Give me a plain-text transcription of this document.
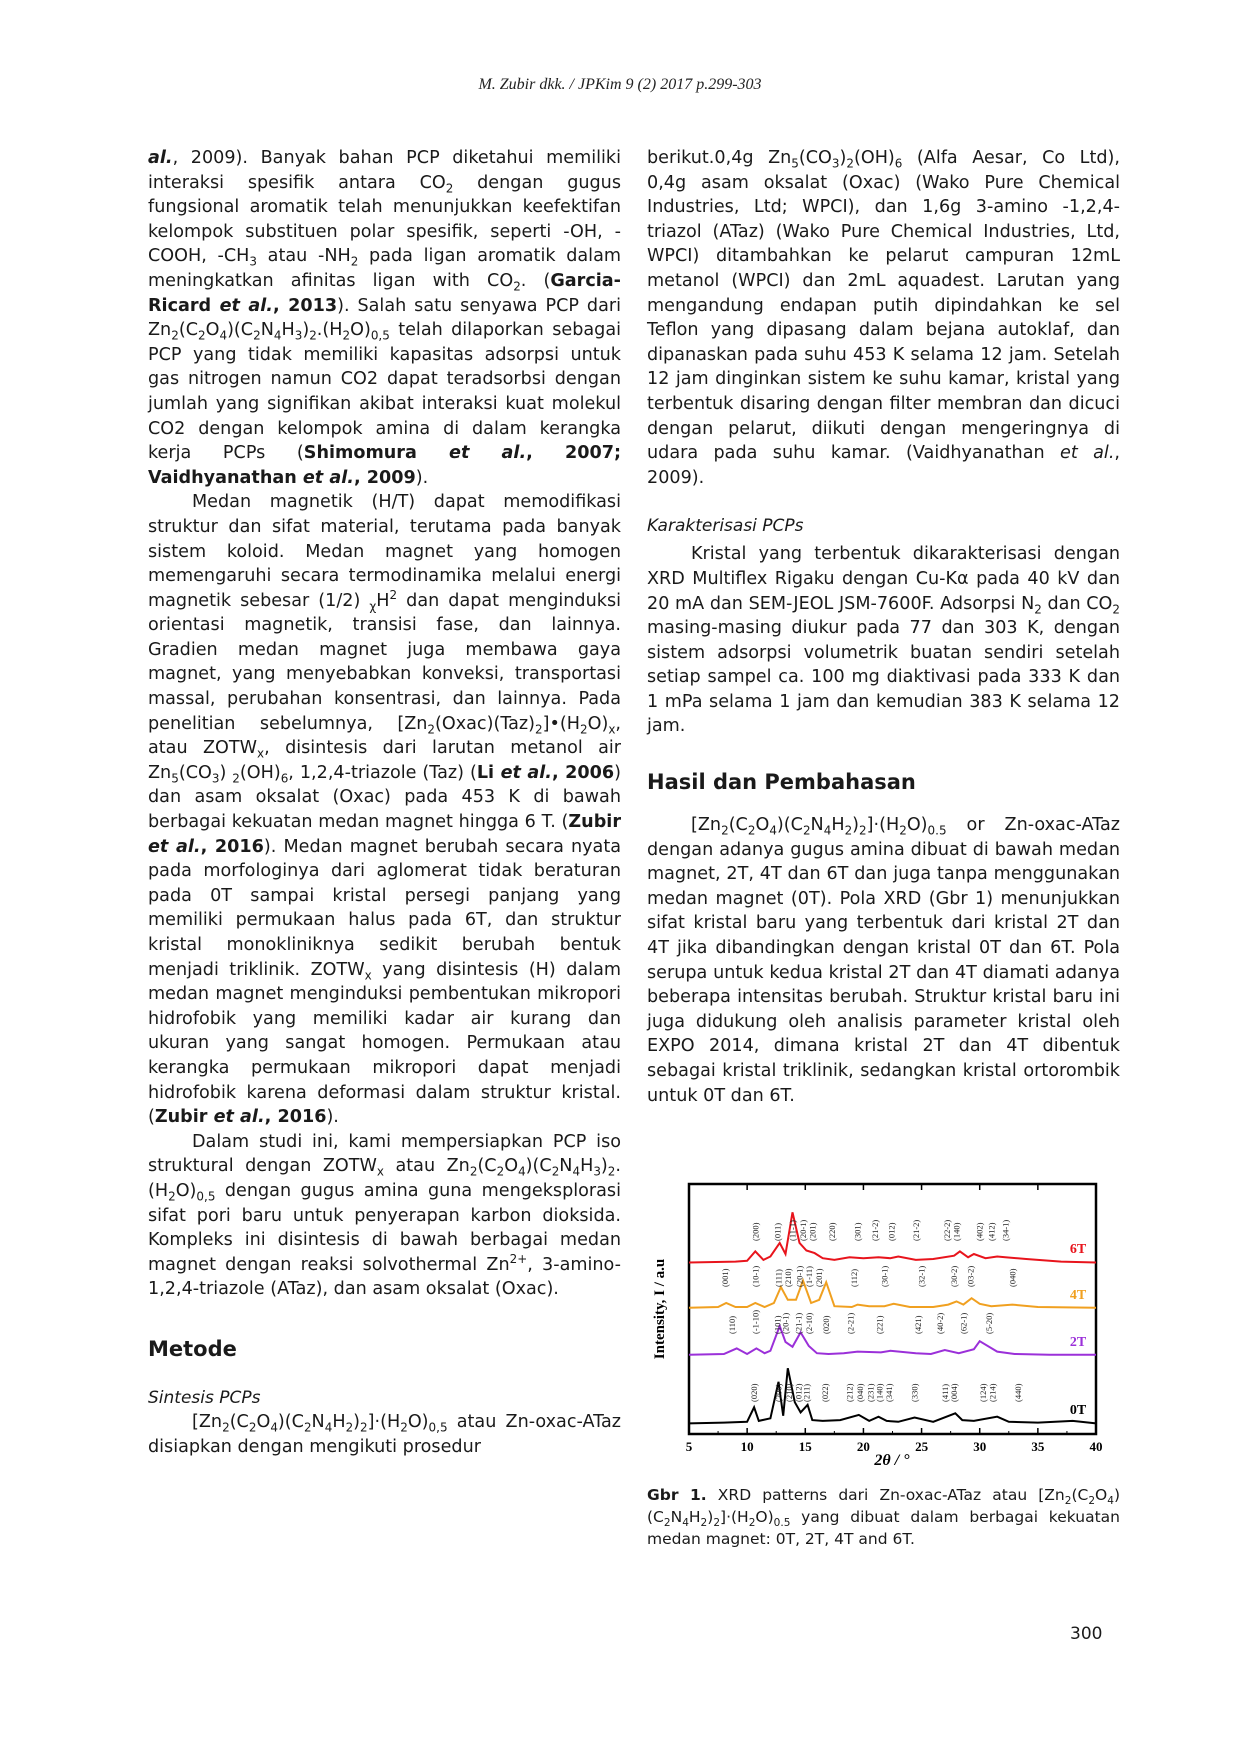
M. Zubir dkk. / JPKim 9 (2) 2017 p.299-303

al., 2009). Banyak bahan PCP diketahui memiliki interaksi spesifik antara $CO_2$ dengan gugus fungsional aromatik telah menunjukkan keefektifan kelompok substituen polar spesifik, seperti -OH, -COOH, $-CH_3$ atau $-NH_2$ pada ligan aromatik dalam meningkatkan afinitas ligan with $CO_2$. (Garcia-Ricard et al., 2013). Salah satu senyawa PCP dari $Zn_2(C_2O_4)(C_2N_4H_3)_2.(H_2O)_{0,5}$ telah dilaporkan sebagai PCP yang tidak memiliki kapasitas adsorpsi untuk gas nitrogen namun CO2 dapat teradsorbsi dengan jumlah yang signifikan akibat interaksi kuat molekul CO2 dengan kelompok amina di dalam kerangka kerja PCPs (Shimomura et al., 2007; Vaidhyanathan et al., 2009).

Medan magnetik (H/T) dapat memodifikasi struktur dan sifat material, terutama pada banyak sistem koloid. Medan magnet yang homogen memengaruhi secara termodinamika melalui energi magnetik sebesar (1/2) $_\chi H^2$ dan dapat menginduksi orientasi magnetik, transisi fase, dan lainnya. Gradien medan magnet juga membawa gaya magnet, yang menyebabkan konveksi, transportasi massal, perubahan konsentrasi, dan lainnya. Pada penelitian sebelumnya, $[Zn_2(Oxac)(Taz)_2]•(H_2O)_x$, atau $ZOTW_x$, disintesis dari larutan metanol air $Zn_5(CO_3)$ $_2(OH)_6$, 1,2,4-triazole (Taz) (Li et al., 2006) dan asam oksalat (Oxac) pada 453 K di bawah berbagai kekuatan medan magnet hingga 6 T. (Zubir et al., 2016). Medan magnet berubah secara nyata pada morfologinya dari aglomerat tidak beraturan pada 0T sampai kristal persegi panjang yang memiliki permukaan halus pada 6T, dan struktur kristal monokliniknya sedikit berubah bentuk menjadi triklinik. $ZOTW_x$ yang disintesis (H) dalam medan magnet menginduksi pembentukan mikropori hidrofobik yang memiliki kadar air kurang dan ukuran yang sangat homogen. Permukaan atau kerangka permukaan mikropori dapat menjadi hidrofobik karena deformasi dalam struktur kristal. (Zubir et al., 2016).

Dalam studi ini, kami mempersiapkan PCP iso struktural dengan $ZOTW_x$ atau $Zn_2(C_2O_4)(C_2N_4H_3)_2.(H_2O)_{0,5}$ dengan gugus amina guna mengeksplorasi sifat pori baru untuk penyerapan karbon dioksida. Kompleks ini disintesis di bawah berbagai medan magnet dengan reaksi solvothermal $Zn^{2+}$, 3-amino-1,2,4-triazole (ATaz), dan asam oksalat (Oxac).

Metode
Sintesis PCPs

$[Zn_2(C_2O_4)(C_2N_4H_2)_2]\cdot(H_2O)_{0,5}$ atau Zn-oxac-ATaz disiapkan dengan mengikuti prosedur

berikut.0,4g $Zn_5(CO_3)_2(OH)_6$ (Alfa Aesar, Co Ltd), 0,4g asam oksalat (Oxac) (Wako Pure Chemical Industries, Ltd; WPCI), dan 1,6g 3-amino -1,2,4-triazol (ATaz) (Wako Pure Chemical Industries, Ltd, WPCI) ditambahkan ke pelarut campuran 12mL metanol (WPCI) dan 2mL aquadest. Larutan yang mengandung endapan putih dipindahkan ke sel Teflon yang dipasang dalam bejana autoklaf, dan dipanaskan pada suhu 453 K selama 12 jam. Setelah 12 jam dinginkan sistem ke suhu kamar, kristal yang terbentuk disaring dengan filter membran dan dicuci dengan pelarut, diikuti dengan mengeringnya di udara pada suhu kamar. (Vaidhyanathan et al., 2009).

Karakterisasi PCPs

Kristal yang terbentuk dikarakterisasi dengan XRD Multiflex Rigaku dengan Cu-Kα pada 40 kV dan 20 mA dan SEM-JEOL JSM-7600F. Adsorpsi $N_2$ dan $CO_2$ masing-masing diukur pada 77 dan 303 K, dengan sistem adsorpsi volumetrik buatan sendiri setelah setiap sampel ca. 100 mg diaktivasi pada 333 K dan 1 mPa selama 1 jam dan kemudian 383 K selama 12 jam.

Hasil dan Pembahasan

$[Zn_2(C_2O_4)(C_2N_4H_2)_2]\cdot(H_2O)_{0.5}$ or Zn-oxac-ATaz dengan adanya gugus amina dibuat di bawah medan magnet, 2T, 4T dan 6T dan juga tanpa menggunakan medan magnet (0T). Pola XRD (Gbr 1) menunjukkan sifat kristal baru yang terbentuk dari kristal 2T dan 4T jika dibandingkan dengan kristal 0T dan 6T. Pola serupa untuk kedua kristal 2T dan 4T diamati adanya beberapa intensitas berubah. Struktur kristal baru ini juga didukung oleh analisis parameter kristal oleh EXPO 2014, dimana kristal 2T dan 4T dibentuk sebagai kristal triklinik, sedangkan kristal ortorombik untuk 0T dan 6T.

0T
(020) (200) (210) (012)
(211) (022) (212) (040) (231) (140) (341) (330) (411) (004) (124) (214) (440)
2T
(110) (-1-10) (101)
(20-1) (21-1) (2-10) (020) (2-21) (221)	(421) (40-2) (62-1) (5-20)
4T
(001) (10-1) (111) (210) (20-1) (1-11) (201)	(112) (30-1)	(32-1)	(30-2) (03-2)	(040)
6T
(200) (011) (11-1) (20-1) (201) (220) (301) (21-2) (012) (21-2)	(22-2) (140) (402) (412) (34-1)
5	10	15	20	25	30	35	40
Intensity, I / a.u
2θ / °
Gbr 1. XRD patterns dari Zn-oxac-ATaz atau $[Zn_2(C_2O_4)(C_2N_4H_2)_2]\cdot(H_2O)_{0.5}$ yang dibuat dalam berbagai kekuatan medan magnet: 0T, 2T, 4T and 6T.
300
